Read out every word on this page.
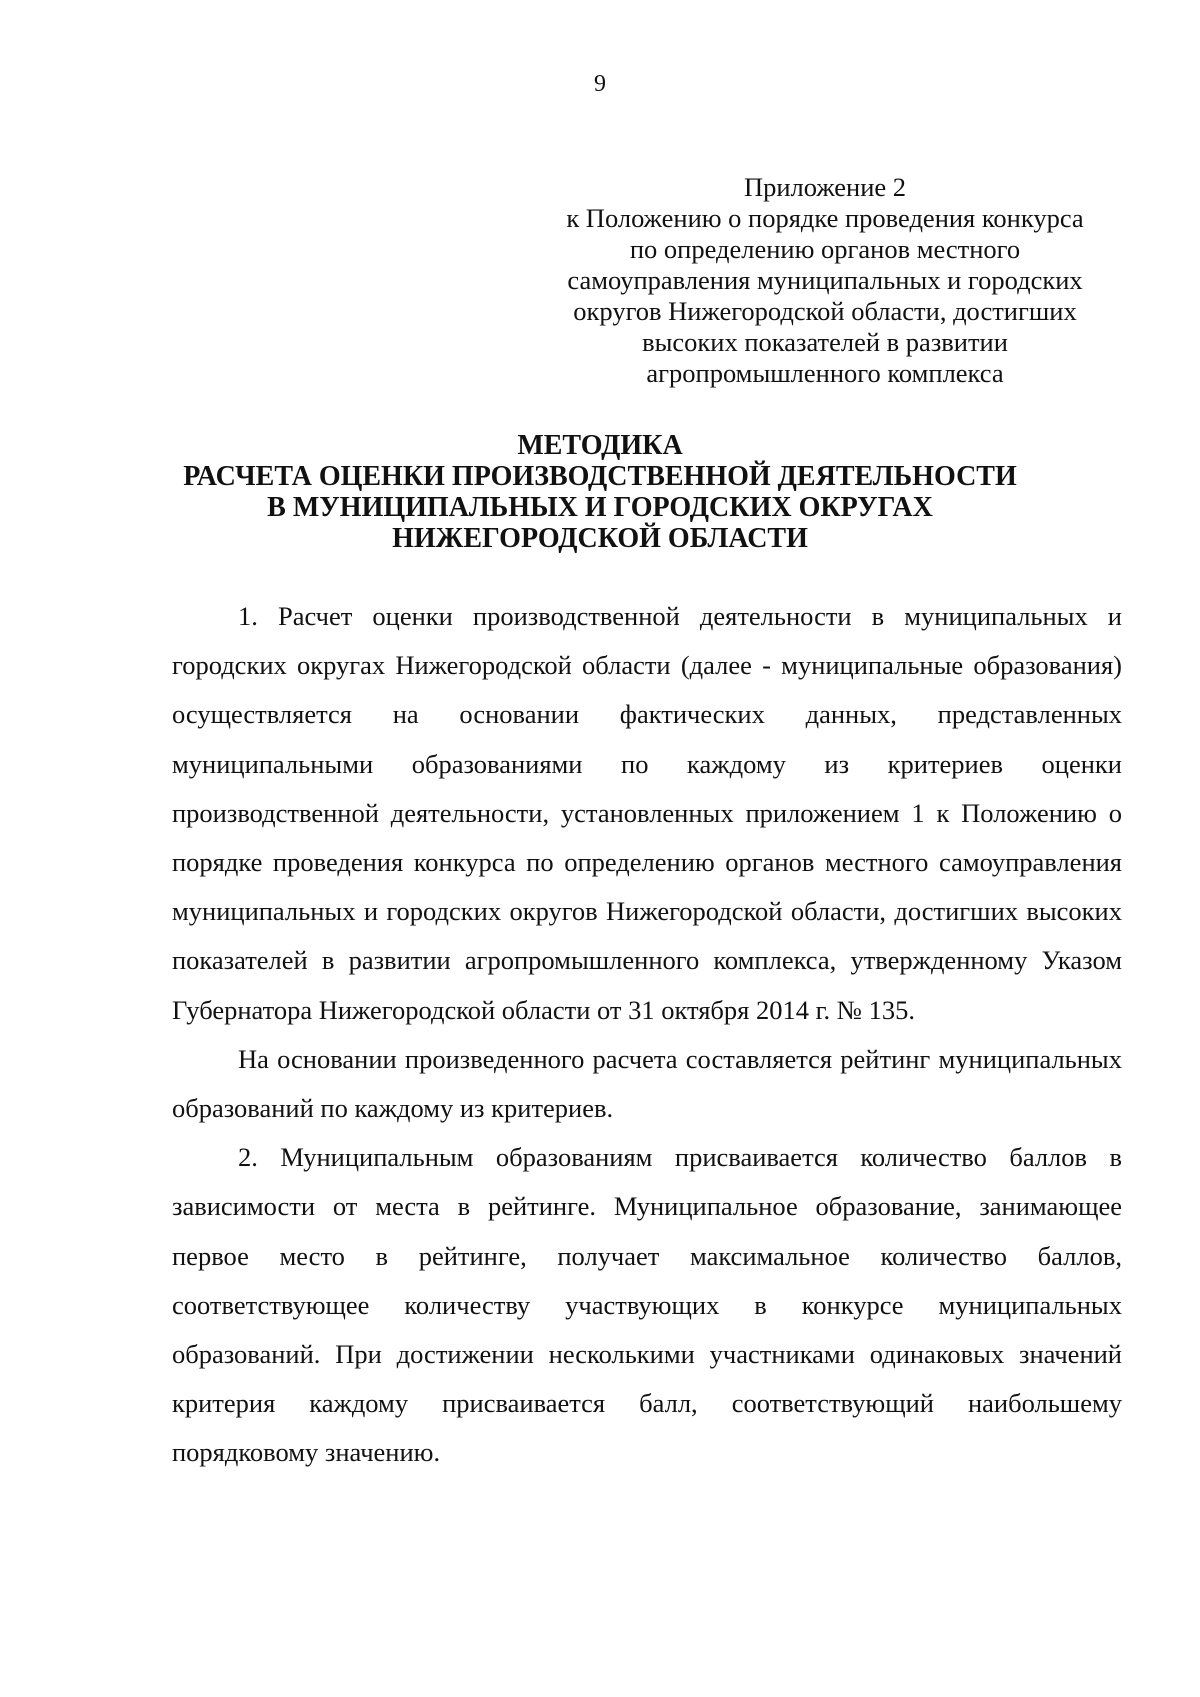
9
Приложение 2
к Положению о порядке проведения конкурса
по определению органов местного
самоуправления муниципальных и городских
округов Нижегородской области, достигших
высоких показателей в развитии
агропромышленного комплекса
МЕТОДИКА
РАСЧЕТА ОЦЕНКИ ПРОИЗВОДСТВЕННОЙ ДЕЯТЕЛЬНОСТИ
В МУНИЦИПАЛЬНЫХ И ГОРОДСКИХ ОКРУГАХ
НИЖЕГОРОДСКОЙ ОБЛАСТИ

1. Расчет оценки производственной деятельности в муниципальных и городских округах Нижегородской области (далее - муниципальные образования) осуществляется на основании фактических данных, представленных муниципальными образованиями по каждому из критериев оценки производственной деятельности, установленных приложением 1 к Положению о порядке проведения конкурса по определению органов местного самоуправления муниципальных и городских округов Нижегородской области, достигших высоких показателей в развитии агропромышленного комплекса, утвержденному Указом Губернатора Нижегородской области от 31 октября 2014 г. № 135.

На основании произведенного расчета составляется рейтинг муниципальных образований по каждому из критериев.

2. Муниципальным образованиям присваивается количество баллов в зависимости от места в рейтинге. Муниципальное образование, занимающее первое место в рейтинге, получает максимальное количество баллов, соответствующее количеству участвующих в конкурсе муниципальных образований. При достижении несколькими участниками одинаковых значений критерия каждому присваивается балл, соответствующий наибольшему порядковому значению.
